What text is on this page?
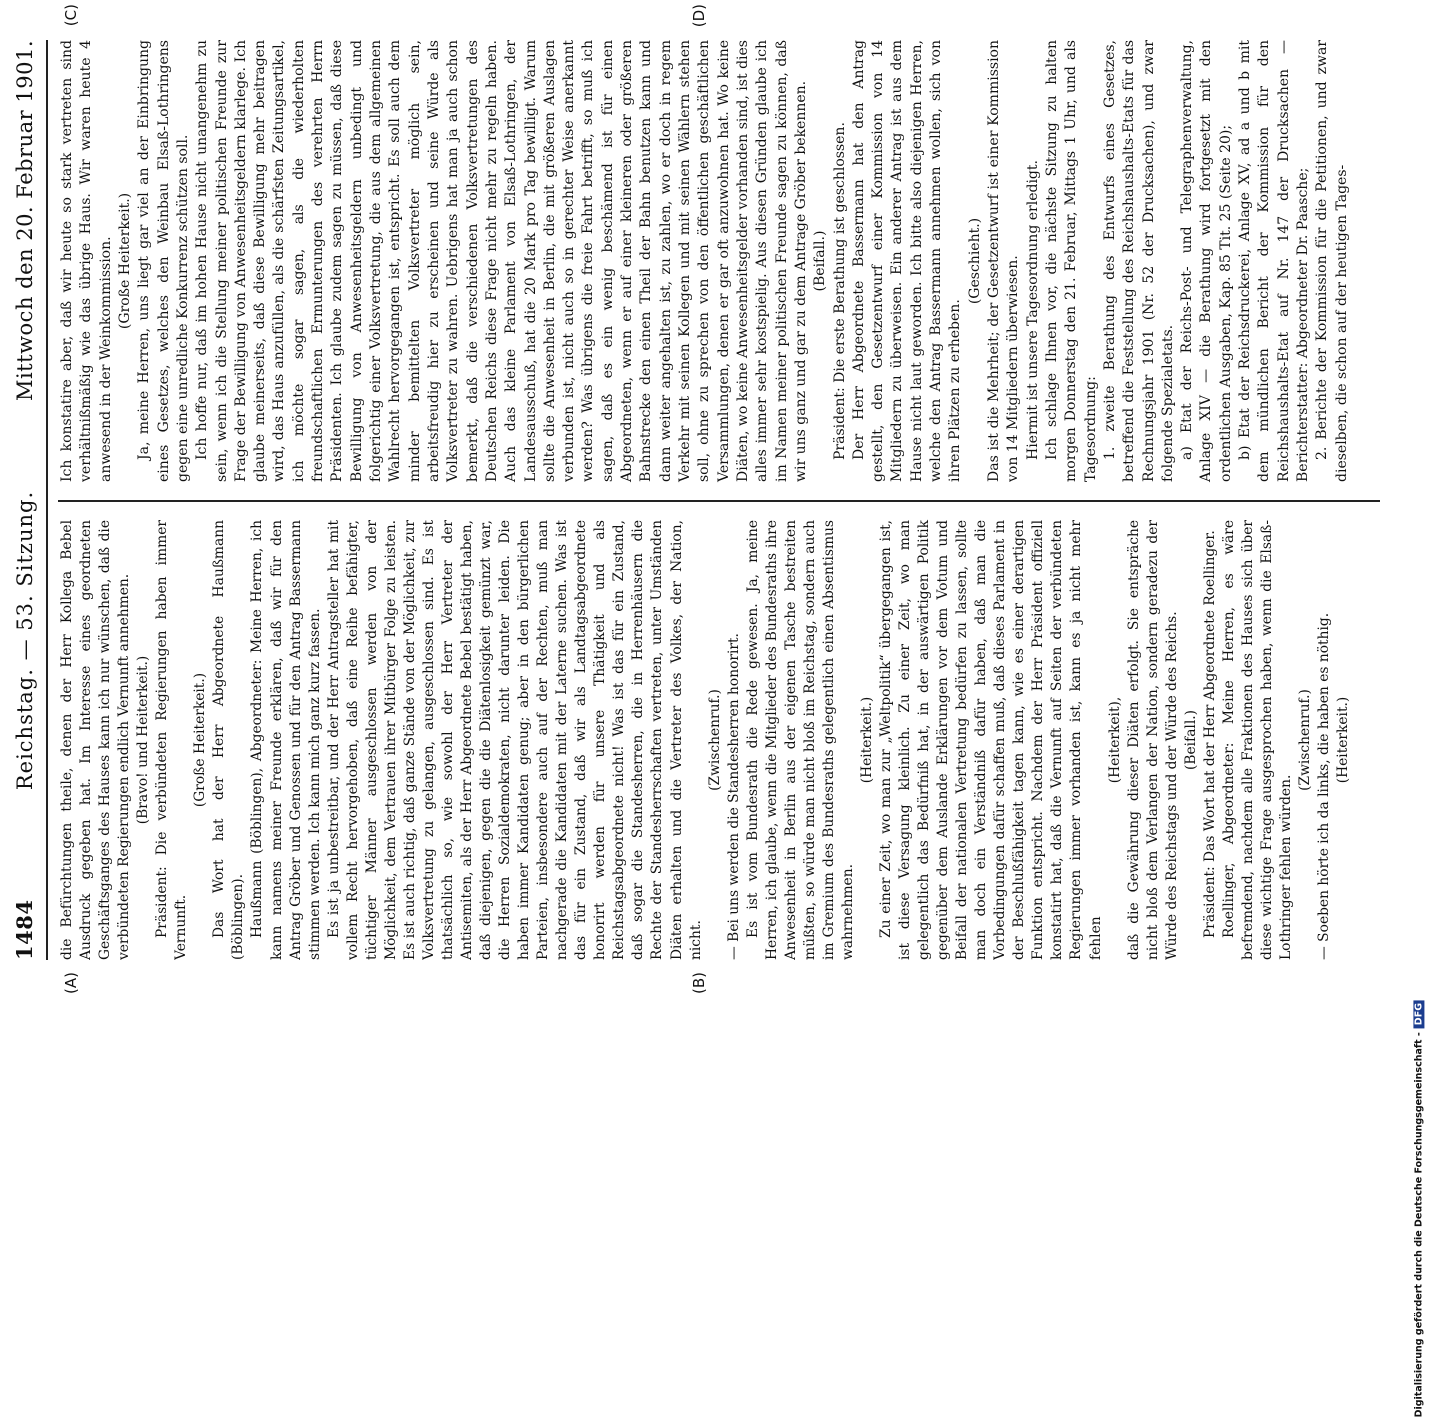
1484
Reichstag. — 53. Sitzung.
Mittwoch den 20. Februar 1901.
(A)	(B)
(C)	(D)

die Befürchtungen theile, denen der Herr Kollega Bebel Ausdruck gegeben hat. Im Interesse eines geordneten Geschäftsganges des Hauses kann ich nur wünschen, daß die verbündeten Regierungen endlich Vernunft annehmen. (Bravo! und Heiterkeit.) Präsident: Die verbündeten Regierungen haben immer Vernunft.

(Große Heiterkeit.) Das Wort hat der Herr Abgeordnete Haußmann (Böblingen). Haußmann (Böblingen), Abgeordneter: Meine Herren, ich kann namens meiner Freunde erklären, daß wir für den Antrag Gröber und Genossen und für den Antrag Bassermann stimmen werden. Ich kann mich ganz kurz fassen. Es ist ja unbestreitbar, und der Herr Antragsteller hat mit vollem Recht hervorgehoben, daß eine Reihe befähigter, tüchtiger Männer ausgeschlossen werden von der Möglichkeit, dem Vertrauen ihrer Mitbürger Folge zu leisten. Es ist auch richtig, daß ganze Stände von der Möglichkeit, zur Volksvertretung zu gelangen, ausgeschlossen sind. Es ist thatsächlich so, wie sowohl der Herr Vertreter der Antisemiten, als der Herr Abgeordnete Bebel bestätigt haben, daß diejenigen, gegen die die Diätenlosigkeit gemünzt war, die Herren Sozialdemokraten, nicht darunter leiden. Die haben immer Kandidaten genug; aber in den bürgerlichen Parteien, insbesondere auch auf der Rechten, muß man nachgerade die Kandidaten mit der Laterne suchen. Was ist das für ein Zustand, daß wir als Landtagsabgeordnete honorirt werden für unsere Thätigkeit und als Reichstagsabgeordnete nicht! Was ist das für ein Zustand, daß sogar die Standesherren, die in Herrenhäusern die Rechte der Standesherrschaften vertreten, unter Umständen Diäten erhalten und die Vertreter des Volkes, der Nation, nicht.

(Zwischenruf.) — Bei uns werden die Standesherren honorirt. Es ist vom Bundesrath die Rede gewesen. Ja, meine Herren, ich glaube, wenn die Mitglieder des Bundesraths ihre Anwesenheit in Berlin aus der eigenen Tasche bestreiten müßten, so würde man nicht bloß im Reichstag, sondern auch im Gremium des Bundesraths gelegentlich einen Absentismus wahrnehmen.

(Heiterkeit.) Zu einer Zeit, wo man zur „Weltpolitik“ übergegangen ist, ist diese Versagung kleinlich. Zu einer Zeit, wo man gelegentlich das Bedürfniß hat, in der auswärtigen Politik gegenüber dem Auslande Erklärungen vor dem Votum und Beifall der nationalen Vertretung bedürfen zu lassen, sollte man doch ein Verständniß dafür haben, daß man die Vorbedingungen dafür schaffen muß, daß dieses Parlament in der Beschlußfähigkeit tagen kann, wie es einer derartigen Funktion entspricht. Nachdem der Herr Präsident offiziell konstatirt hat, daß die Vernunft auf Seiten der verbündeten Regierungen immer vorhanden ist, kann es ja nicht mehr fehlen

(Heiterkeit), daß die Gewährung dieser Diäten erfolgt. Sie entspräche nicht bloß dem Verlangen der Nation, sondern geradezu der Würde des Reichstags und der Würde des Reichs. (Beifall.) Präsident: Das Wort hat der Herr Abgeordnete Roellinger. Roellinger, Abgeordneter: Meine Herren, es wäre befremdend, nachdem alle Fraktionen des Hauses sich über diese wichtige Frage ausgesprochen haben, wenn die Elsaß-Lothringer fehlen würden.

(Zwischenruf.) — Soeben hörte ich da links, die haben es nöthig. (Heiterkeit.)

Ich konstatire aber, daß wir heute so stark vertreten sind verhältnißmäßig wie das übrige Haus. Wir waren heute 4 anwesend in der Weinkommission. (Große Heiterkeit.) Ja, meine Herren, uns liegt gar viel an der Einbringung eines Gesetzes, welches den Weinbau Elsaß-Lothringens gegen eine unredliche Konkurrenz schützen soll. Ich hoffe nur, daß im hohen Hause nicht unangenehm zu sein, wenn ich die Stellung meiner politischen Freunde zur Frage der Bewilligung von Anwesenheitsgeldern klarlege. Ich glaube meinerseits, daß diese Bewilligung mehr beitragen wird, das Haus anzufüllen, als die schärfsten Zeitungsartikel, ich möchte sogar sagen, als die wiederholten freundschaftlichen Ermunterungen des verehrten Herrn Präsidenten. Ich glaube zudem sagen zu müssen, daß diese Bewilligung von Anwesenheitsgeldern unbedingt und folgerichtig einer Volksvertretung, die aus dem allgemeinen Wahlrecht hervorgegangen ist, entspricht. Es soll auch dem minder bemittelten Volksvertreter möglich sein, arbeitsfreudig hier zu erscheinen und seine Würde als Volksvertreter zu wahren. Uebrigens hat man ja auch schon bemerkt, daß die verschiedenen Volksvertretungen des Deutschen Reichs diese Frage nicht mehr zu regeln haben. Auch das kleine Parlament von Elsaß-Lothringen, der Landesausschuß, hat die 20 Mark pro Tag bewilligt. Warum sollte die Anwesenheit in Berlin, die mit größeren Auslagen verbunden ist, nicht auch so in gerechter Weise anerkannt werden? Was übrigens die freie Fahrt betrifft, so muß ich sagen, daß es ein wenig beschämend ist für einen Abgeordneten, wenn er auf einer kleineren oder größeren Bahnstrecke den einen Theil der Bahn benutzen kann und dann weiter angehalten ist, zu zahlen, wo er doch in regem Verkehr mit seinen Kollegen und mit seinen Wählern stehen soll, ohne zu sprechen von den öffentlichen geschäftlichen Versammlungen, denen er gar oft anzuwohnen hat. Wo keine Diäten, wo keine Anwesenheitsgelder vorhanden sind, ist dies alles immer sehr kostspielig. Aus diesen Gründen glaube ich im Namen meiner politischen Freunde sagen zu können, daß wir uns ganz und gar zu dem Antrage Gröber bekennen. (Beifall.) Präsident: Die erste Berathung ist geschlossen. Der Herr Abgeordnete Bassermann hat den Antrag gestellt, den Gesetzentwurf einer Kommission von 14 Mitgliedern zu überweisen. Ein anderer Antrag ist aus dem Hause nicht laut geworden. Ich bitte also diejenigen Herren, welche den Antrag Bassermann annehmen wollen, sich von ihren Plätzen zu erheben.

(Geschieht.) Das ist die Mehrheit; der Gesetzentwurf ist einer Kommission von 14 Mitgliedern überwiesen. Hiermit ist unsere Tagesordnung erledigt. Ich schlage Ihnen vor, die nächste Sitzung zu halten morgen Donnerstag den 21. Februar, Mittags 1 Uhr, und als Tagesordnung: 1. zweite Berathung des Entwurfs eines Gesetzes, betreffend die Feststellung des Reichshaushalts-Etats für das Rechnungsjahr 1901 (Nr. 52 der Drucksachen), und zwar folgende Spezialetats. a) Etat der Reichs-Post- und Telegraphenverwaltung, Anlage XIV — die Berathung wird fortgesetzt mit den ordentlichen Ausgaben, Kap. 85 Tit. 25 (Seite 20); b) Etat der Reichsdruckerei, Anlage XV, ad a und b mit dem mündlichen Bericht der Kommission für den Reichshaushalts-Etat auf Nr. 147 der Drucksachen — Berichterstatter: Abgeordneter Dr. Paasche; 2. Berichte der Kommission für die Petitionen, und zwar dieselben, die schon auf der heutigen Tages-

Digitalisierung gefördert durch die Deutsche Forschungsgemeinschaft -DFG
